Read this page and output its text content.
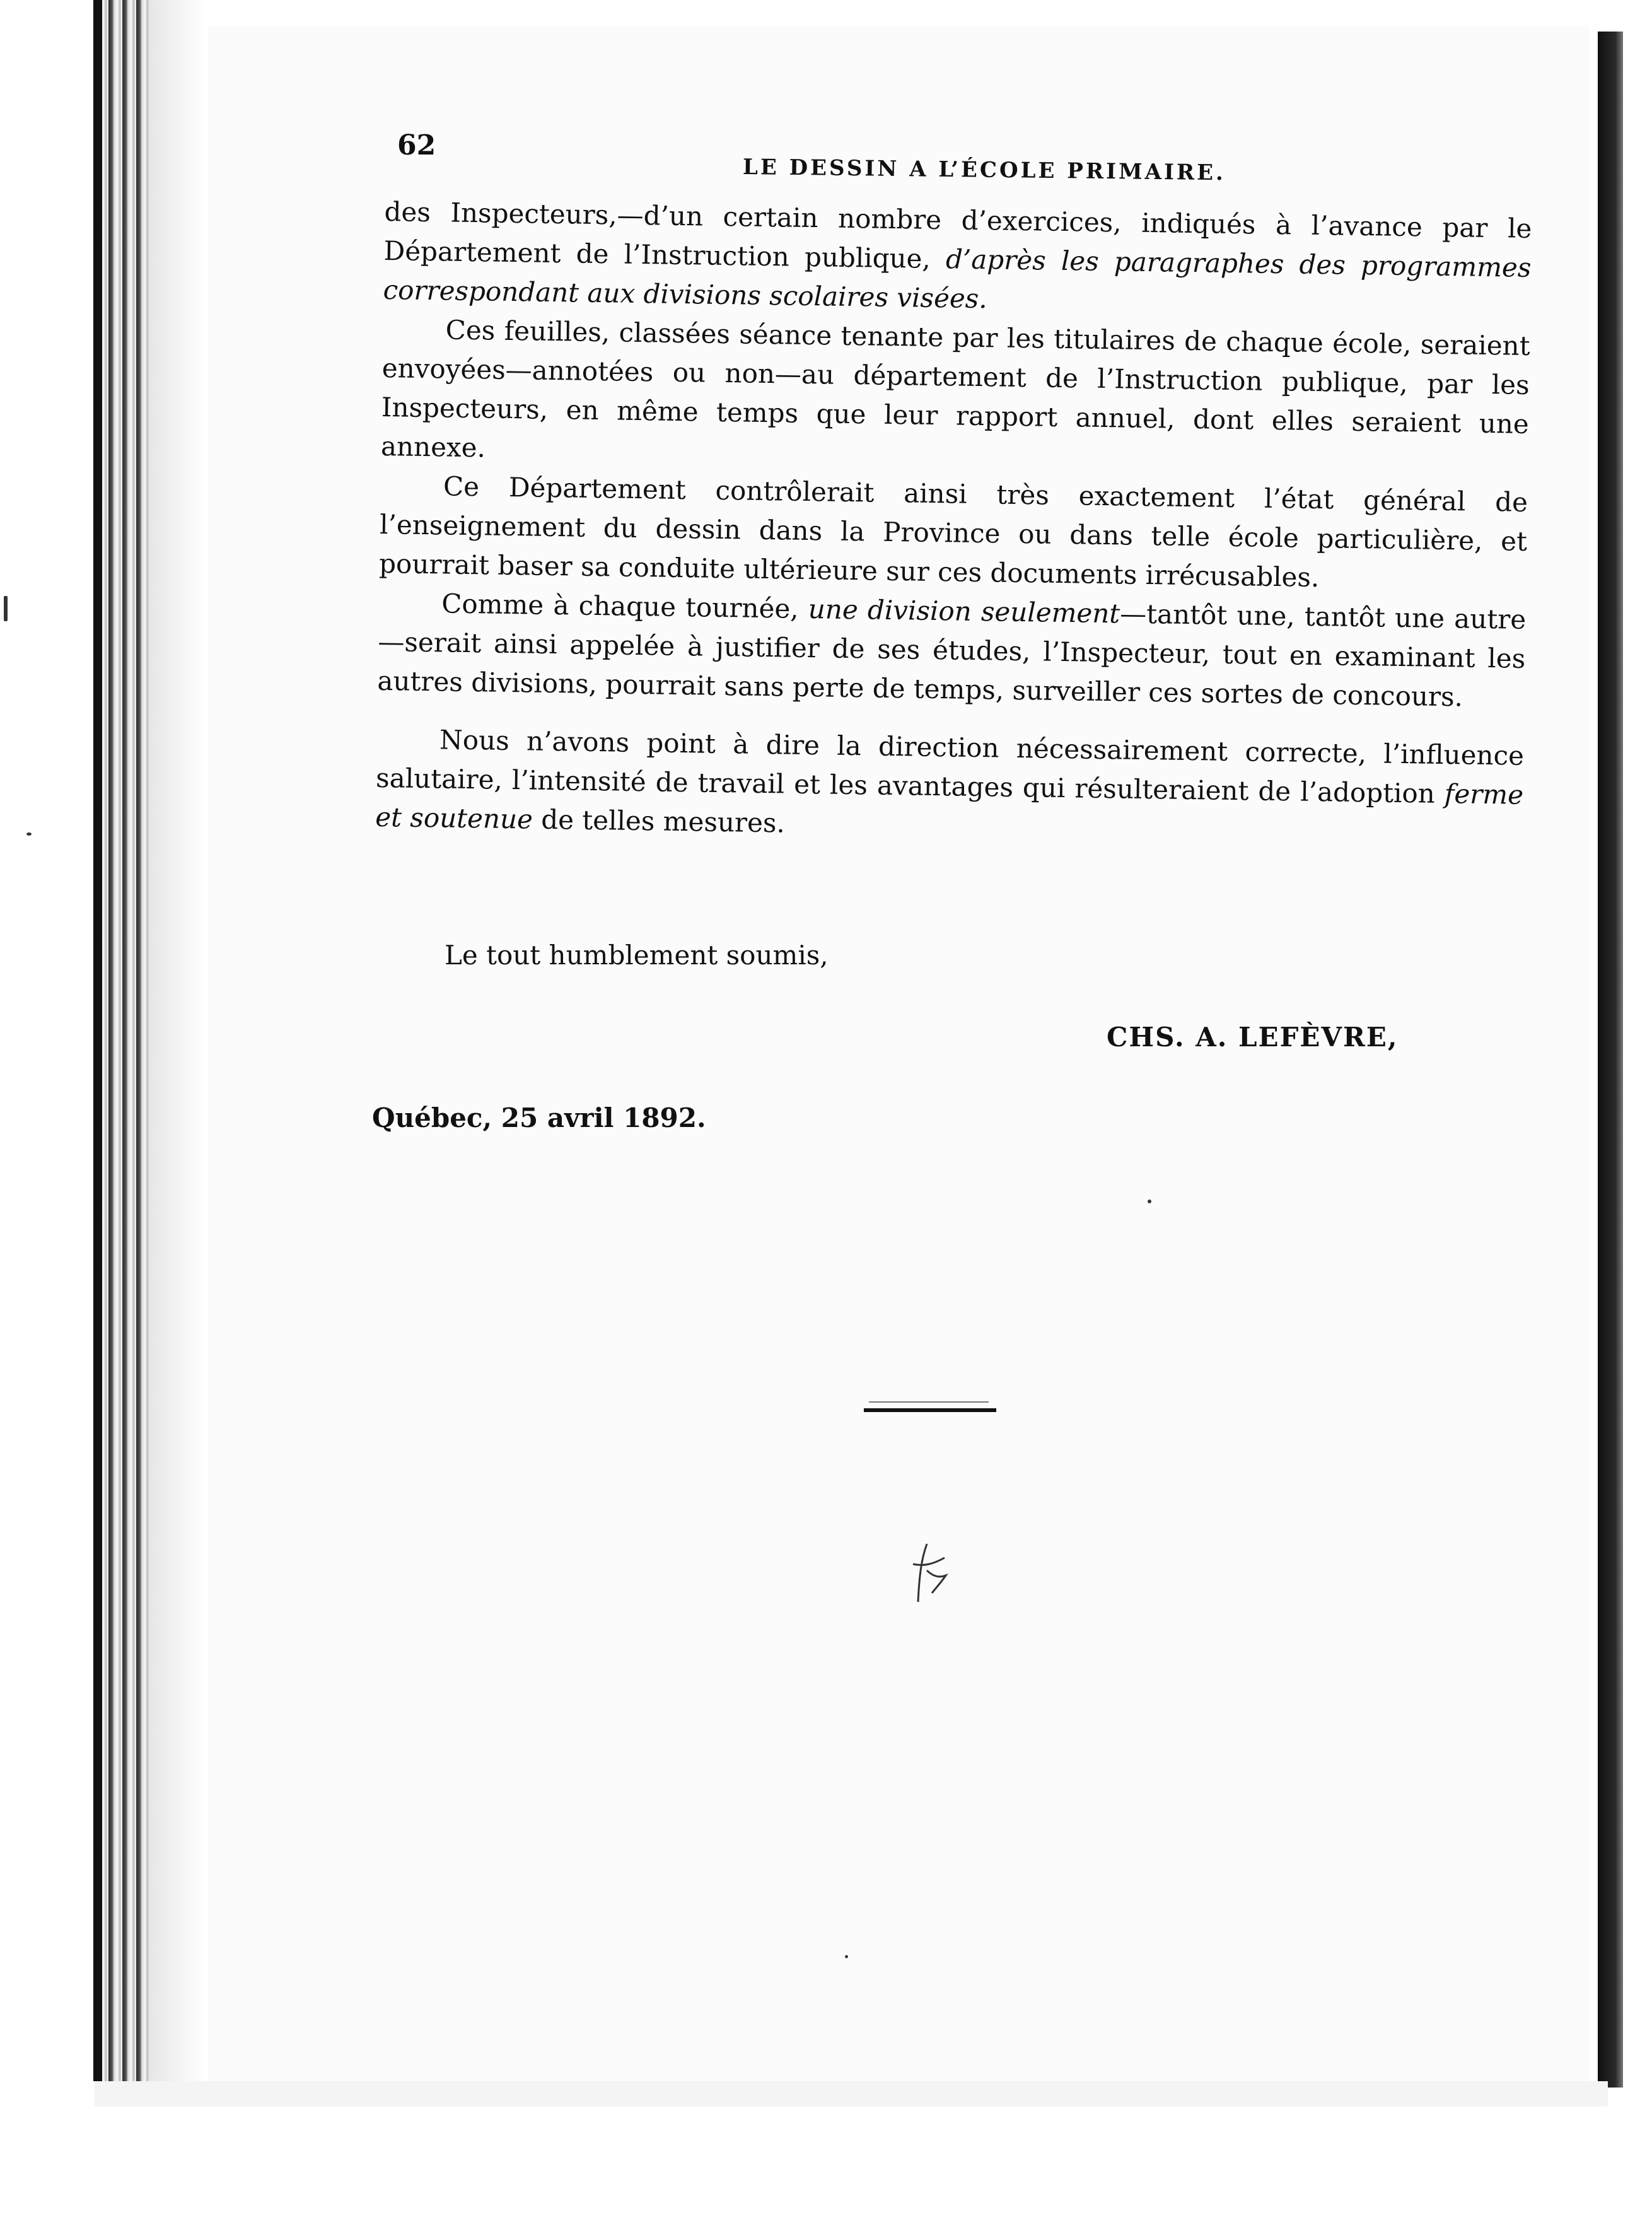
62
LE DESSIN A L’ÉCOLE PRIMAIRE.

des Inspecteurs,—d’un certain nombre d’exercices, indiqués à l’avance par le Département de l’Instruction publique, d’après les paragraphes des programmes correspondant aux divisions scolaires visées.

Ces feuilles, classées séance tenante par les titulaires de chaque école, seraient envoyées—annotées ou non—au département de l’Instruction publique, par les Inspecteurs, en même temps que leur rapport annuel, dont elles seraient une annexe.

Ce Département contrôlerait ainsi très exactement l’état général de l’enseignement du dessin dans la Province ou dans telle école particulière, et pourrait baser sa conduite ultérieure sur ces documents irrécusables.

Comme à chaque tournée, une division seulement—tantôt une, tantôt une autre—serait ainsi appelée à justifier de ses études, l’Inspecteur, tout en examinant les autres divisions, pourrait sans perte de temps, surveiller ces sortes de concours.

Nous n’avons point à dire la direction nécessairement correcte, l’influence salutaire, l’intensité de travail et les avantages qui résulteraient de l’adoption ferme et soutenue de telles mesures.

Le tout humblement soumis,
CHS. A. LEFÈVRE,
Québec, 25 avril 1892.
